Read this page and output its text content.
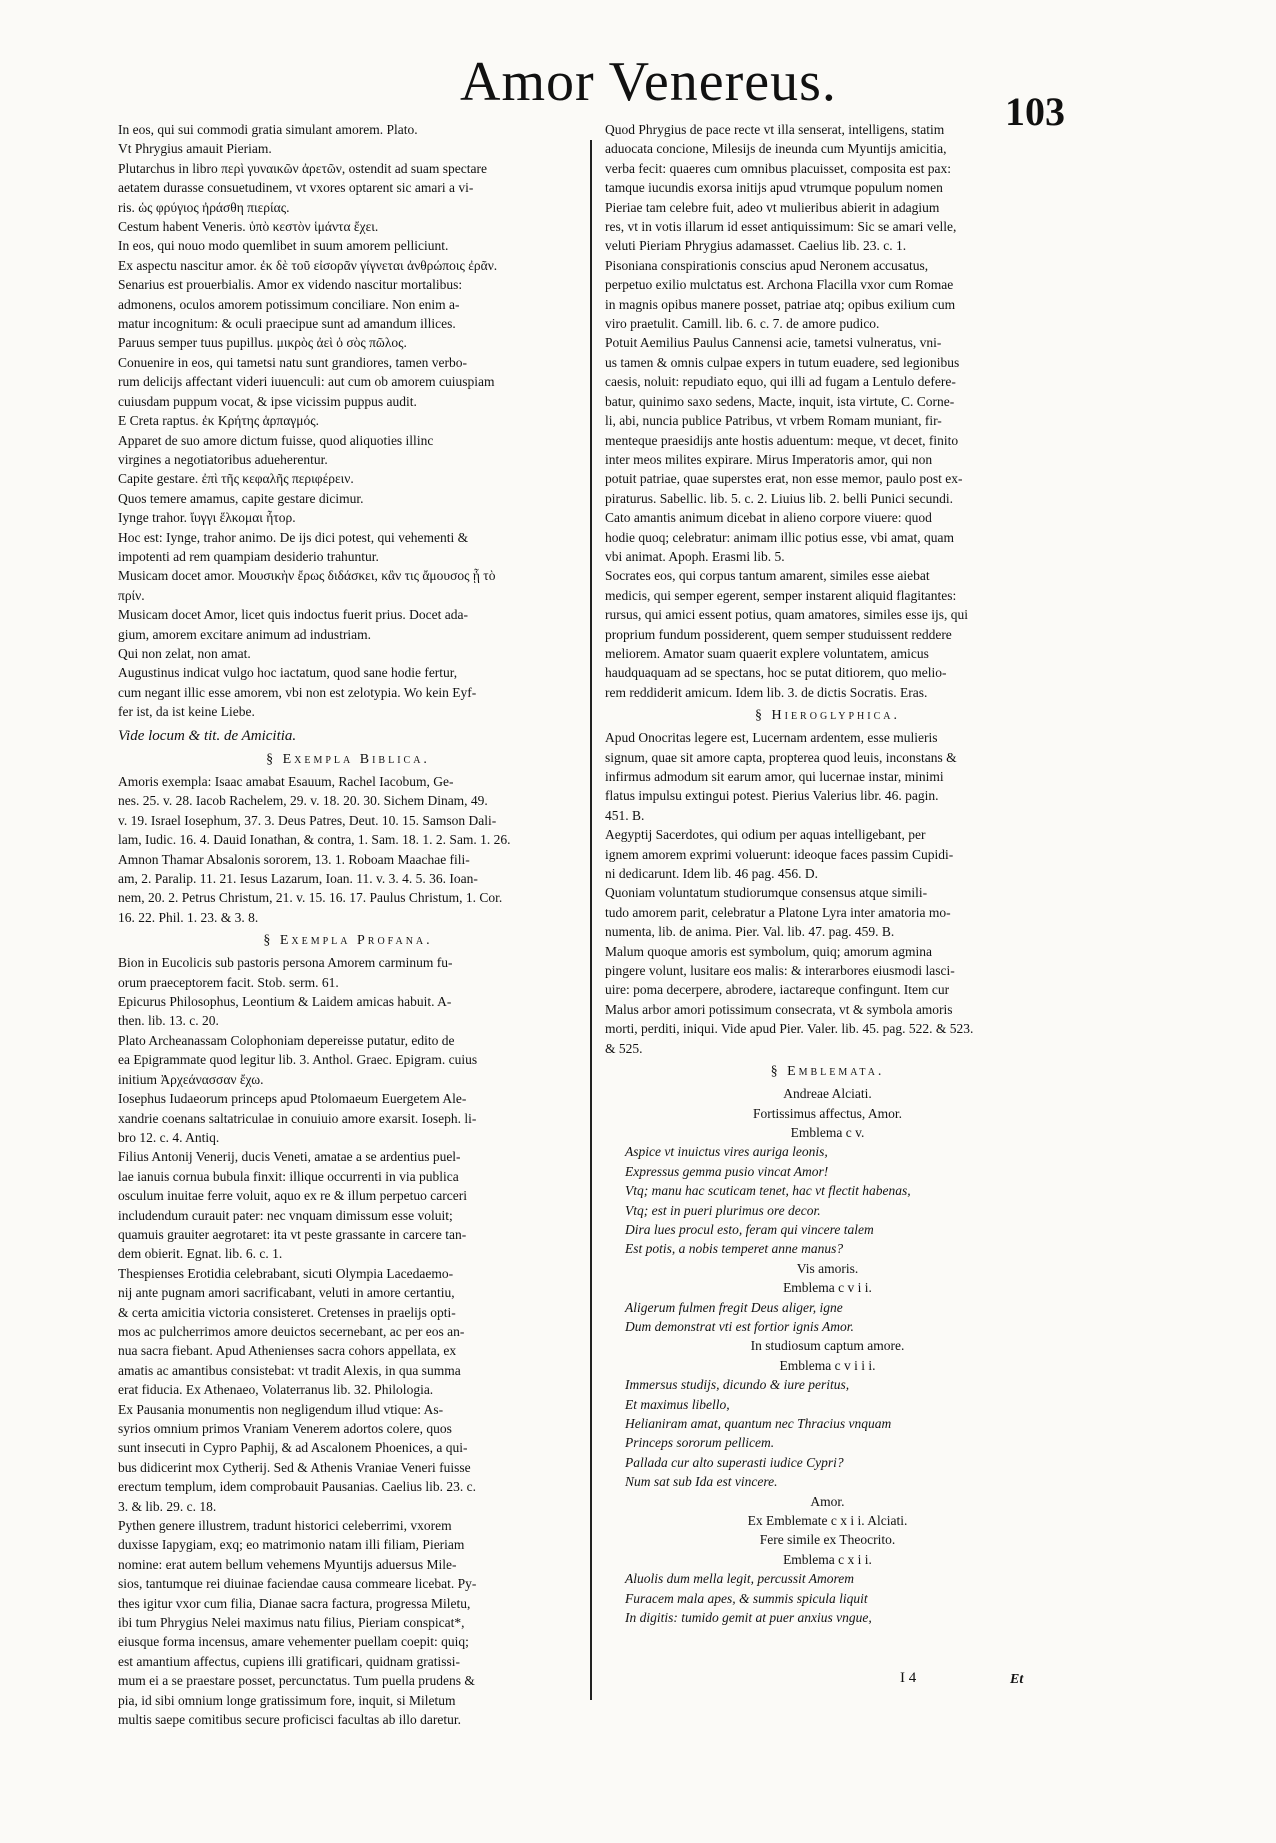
Amor Venereus.	103
In eos, qui sui commodi gratia simulant amorem. Plato.
Vt Phrygius amauit Pieriam.
Plutarchus in libro περὶ γυναικῶν ἀρετῶν, ostendit ad suam spectare
aetatem durasse consuetudinem, vt vxores optarent sic amari a vi-
ris. ὡς φρύγιος ἠράσθη πιερίας.
Cestum habent Veneris. ὑπὸ κεστὸν ἱμάντα ἔχει.
In eos, qui nouo modo quemlibet in suum amorem pelliciunt.
Ex aspectu nascitur amor. ἐκ δὲ τοῦ εἰσορᾶν γίγνεται ἀνθρώποις ἐρᾶν.
Senarius est prouerbialis. Amor ex videndo nascitur mortalibus:
admonens, oculos amorem potissimum conciliare. Non enim a-
matur incognitum: & oculi praecipue sunt ad amandum illices.
Paruus semper tuus pupillus. μικρὸς ἀεὶ ὁ σὸς πῶλος.
Conuenire in eos, qui tametsi natu sunt grandiores, tamen verbo-
rum delicijs affectant videri iuuenculi: aut cum ob amorem cuiuspiam
cuiusdam puppum vocat, & ipse vicissim puppus audit.
E Creta raptus. ἐκ Κρήτης ἁρπαγμός.
Apparet de suo amore dictum fuisse, quod aliquoties illinc
virgines a negotiatoribus adueherentur.
Capite gestare. ἐπὶ τῆς κεφαλῆς περιφέρειν.
Quos temere amamus, capite gestare dicimur.
Iynge trahor. ἴυγγι ἕλκομαι ἦτορ.
Hoc est: Iynge, trahor animo. De ijs dici potest, qui vehementi &
impotenti ad rem quampiam desiderio trahuntur.
Musicam docet amor. Μουσικὴν ἔρως διδάσκει, κἂν τις ἄμουσος ᾖ τὸ
πρίν.
Musicam docet Amor, licet quis indoctus fuerit prius. Docet ada-
gium, amorem excitare animum ad industriam.
Qui non zelat, non amat.
Augustinus indicat vulgo hoc iactatum, quod sane hodie fertur,
cum negant illic esse amorem, vbi non est zelotypia. Wo kein Eyf-
fer ist, da ist keine Liebe.
Vide locum & tit. de Amicitia.
§ Exempla Biblica.
Amoris exempla: Isaac amabat Esauum, Rachel Iacobum, Ge-
nes. 25. v. 28. Iacob Rachelem, 29. v. 18. 20. 30. Sichem Dinam, 49.
v. 19. Israel Iosephum, 37. 3. Deus Patres, Deut. 10. 15. Samson Dali-
lam, Iudic. 16. 4. Dauid Ionathan, & contra, 1. Sam. 18. 1. 2. Sam. 1. 26.
Amnon Thamar Absalonis sororem, 13. 1. Roboam Maachae fili-
am, 2. Paralip. 11. 21. Iesus Lazarum, Ioan. 11. v. 3. 4. 5. 36. Ioan-
nem, 20. 2. Petrus Christum, 21. v. 15. 16. 17. Paulus Christum, 1. Cor.
16. 22. Phil. 1. 23. & 3. 8.
§ Exempla Profana.
Bion in Eucolicis sub pastoris persona Amorem carminum fu-
orum praeceptorem facit. Stob. serm. 61.
Epicurus Philosophus, Leontium & Laidem amicas habuit. A-
then. lib. 13. c. 20.
Plato Archeanassam Colophoniam depereisse putatur, edito de
ea Epigrammate quod legitur lib. 3. Anthol. Graec. Epigram. cuius
initium Ἀρχεάνασσαν ἔχω.
Iosephus Iudaeorum princeps apud Ptolomaeum Euergetem Ale-
xandrie coenans saltatriculae in conuiuio amore exarsit. Ioseph. li-
bro 12. c. 4. Antiq.
Filius Antonij Venerij, ducis Veneti, amatae a se ardentius puel-
lae ianuis cornua bubula finxit: illique occurrenti in via publica
osculum inuitae ferre voluit, aquo ex re & illum perpetuo carceri
includendum curauit pater: nec vnquam dimissum esse voluit;
quamuis grauiter aegrotaret: ita vt peste grassante in carcere tan-
dem obierit. Egnat. lib. 6. c. 1.
Thespienses Erotidia celebrabant, sicuti Olympia Lacedaemo-
nij ante pugnam amori sacrificabant, veluti in amore certantiu,
& certa amicitia victoria consisteret. Cretenses in praelijs opti-
mos ac pulcherrimos amore deuictos secernebant, ac per eos an-
nua sacra fiebant. Apud Athenienses sacra cohors appellata, ex
amatis ac amantibus consistebat: vt tradit Alexis, in qua summa
erat fiducia. Ex Athenaeo, Volaterranus lib. 32. Philologia.
Ex Pausania monumentis non negligendum illud vtique: As-
syrios omnium primos Vraniam Venerem adortos colere, quos
sunt insecuti in Cypro Paphij, & ad Ascalonem Phoenices, a qui-
bus didicerint mox Cytherij. Sed & Athenis Vraniae Veneri fuisse
erectum templum, idem comprobauit Pausanias. Caelius lib. 23. c.
3. & lib. 29. c. 18.
Pythen genere illustrem, tradunt historici celeberrimi, vxorem
duxisse Iapygiam, exq; eo matrimonio natam illi filiam, Pieriam
nomine: erat autem bellum vehemens Myuntijs aduersus Mile-
sios, tantumque rei diuinae faciendae causa commeare licebat. Py-
thes igitur vxor cum filia, Dianae sacra factura, progressa Miletu,
ibi tum Phrygius Nelei maximus natu filius, Pieriam conspicat*,
eiusque forma incensus, amare vehementer puellam coepit: quiq;
est amantium affectus, cupiens illi gratificari, quidnam gratissi-
mum ei a se praestare posset, percunctatus. Tum puella prudens &
pia, id sibi omnium longe gratissimum fore, inquit, si Miletum
multis saepe comitibus secure proficisci facultas ab illo daretur.
Quod Phrygius de pace recte vt illa senserat, intelligens, statim
aduocata concione, Milesijs de ineunda cum Myuntijs amicitia,
verba fecit: quaeres cum omnibus placuisset, composita est pax:
tamque iucundis exorsa initijs apud vtrumque populum nomen
Pieriae tam celebre fuit, adeo vt mulieribus abierit in adagium
res, vt in votis illarum id esset antiquissimum: Sic se amari velle,
veluti Pieriam Phrygius adamasset. Caelius lib. 23. c. 1.
Pisoniana conspirationis conscius apud Neronem accusatus,
perpetuo exilio mulctatus est. Archona Flacilla vxor cum Romae
in magnis opibus manere posset, patriae atq; opibus exilium cum
viro praetulit. Camill. lib. 6. c. 7. de amore pudico.
Potuit Aemilius Paulus Cannensi acie, tametsi vulneratus, vni-
us tamen & omnis culpae expers in tutum euadere, sed legionibus
caesis, noluit: repudiato equo, qui illi ad fugam a Lentulo defere-
batur, quinimo saxo sedens, Macte, inquit, ista virtute, C. Corne-
li, abi, nuncia publice Patribus, vt vrbem Romam muniant, fir-
menteque praesidijs ante hostis aduentum: meque, vt decet, finito
inter meos milites expirare. Mirus Imperatoris amor, qui non
potuit patriae, quae superstes erat, non esse memor, paulo post ex-
piraturus. Sabellic. lib. 5. c. 2. Liuius lib. 2. belli Punici secundi.
Cato amantis animum dicebat in alieno corpore viuere: quod
hodie quoq; celebratur: animam illic potius esse, vbi amat, quam
vbi animat. Apoph. Erasmi lib. 5.
Socrates eos, qui corpus tantum amarent, similes esse aiebat
medicis, qui semper egerent, semper instarent aliquid flagitantes:
rursus, qui amici essent potius, quam amatores, similes esse ijs, qui
proprium fundum possiderent, quem semper studuissent reddere
meliorem. Amator suam quaerit explere voluntatem, amicus
haudquaquam ad se spectans, hoc se putat ditiorem, quo melio-
rem reddiderit amicum. Idem lib. 3. de dictis Socratis. Eras.
§ Hieroglyphica.
Apud Onocritas legere est, Lucernam ardentem, esse mulieris
signum, quae sit amore capta, propterea quod leuis, inconstans &
infirmus admodum sit earum amor, qui lucernae instar, minimi
flatus impulsu extingui potest. Pierius Valerius libr. 46. pagin.
451. B.
Aegyptij Sacerdotes, qui odium per aquas intelligebant, per
ignem amorem exprimi voluerunt: ideoque faces passim Cupidi-
ni dedicarunt. Idem lib. 46 pag. 456. D.
Quoniam voluntatum studiorumque consensus atque simili-
tudo amorem parit, celebratur a Platone Lyra inter amatoria mo-
numenta, lib. de anima. Pier. Val. lib. 47. pag. 459. B.
Malum quoque amoris est symbolum, quiq; amorum agmina
pingere volunt, lusitare eos malis: & interarbores eiusmodi lasci-
uire: poma decerpere, abrodere, iactareque confingunt. Item cur
Malus arbor amori potissimum consecrata, vt & symbola amoris
morti, perditi, iniqui. Vide apud Pier. Valer. lib. 45. pag. 522. & 523.
& 525.
§ Emblemata.
Andreae Alciati.
Fortissimus affectus, Amor.
Emblema c v.
Aspice vt inuictus vires auriga leonis,
Expressus gemma pusio vincat Amor!
Vtq; manu hac scuticam tenet, hac vt flectit habenas,
Vtq; est in pueri plurimus ore decor.
Dira lues procul esto, feram qui vincere talem
Est potis, a nobis temperet anne manus?
Vis amoris.
Emblema c v i i.
Aligerum fulmen fregit Deus aliger, igne
Dum demonstrat vti est fortior ignis Amor.
In studiosum captum amore.
Emblema c v i i i.
Immersus studijs, dicundo & iure peritus,
Et maximus libello,
Helianiram amat, quantum nec Thracius vnquam
Princeps sororum pellicem.
Pallada cur alto superasti iudice Cypri?
Num sat sub Ida est vincere.
Amor.
Ex Emblemate c x i i. Alciati.
Fere simile ex Theocrito.
Emblema c x i i.
Aluolis dum mella legit, percussit Amorem
Furacem mala apes, & summis spicula liquit
In digitis: tumido gemit at puer anxius vngue,
I 4	Et
